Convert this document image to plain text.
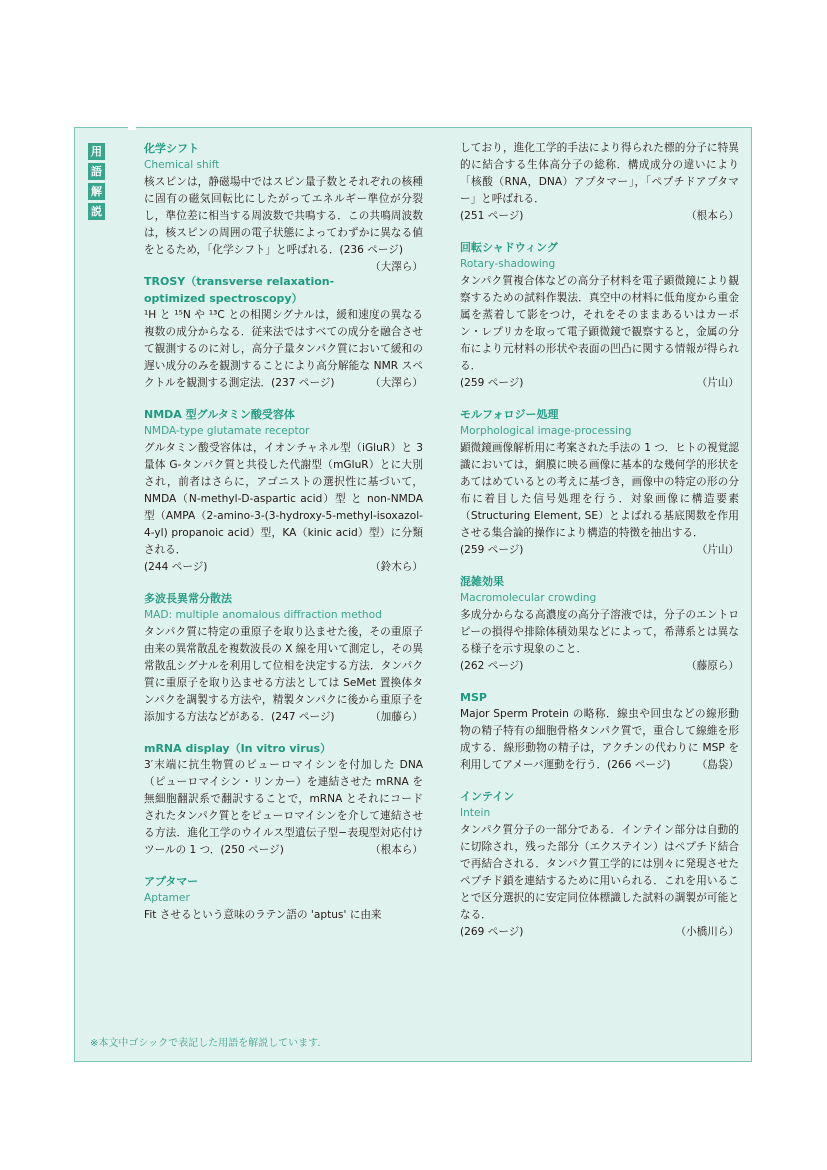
用
語
解
説
化学シフト
Chemical shift
核スピンは，静磁場中ではスピン量子数とそれぞれの核種に固有の磁気回転比にしたがってエネルギー準位が分裂し，準位差に相当する周波数で共鳴する．この共鳴周波数は，核スピンの周囲の電子状態によってわずかに異なる値をとるため，「化学シフト」と呼ばれる．(236 ページ)
（大澤ら）
TROSY（transverse relaxation-optimized spectroscopy）
¹H と ¹⁵N や ¹³C との相関シグナルは，緩和速度の異なる複数の成分からなる．従来法ではすべての成分を融合させて観測するのに対し，高分子量タンパク質において緩和の遅い成分のみを観測することにより高分解能な NMR スペクトルを観測する測定法．(237 ページ)	（大澤ら）
NMDA 型グルタミン酸受容体
NMDA-type glutamate receptor
グルタミン酸受容体は，イオンチャネル型（iGluR）と 3 量体 G-タンパク質と共役した代謝型（mGluR）とに大別され，前者はさらに，アゴニストの選択性に基づいて，NMDA（N-methyl-D-aspartic acid）型 と non-NMDA 型（AMPA（2-amino-3-(3-hydroxy-5-methyl-isoxazol-4-yl) propanoic acid）型，KA（kinic acid）型）に分類される．
(244 ページ)	（鈴木ら）
多波長異常分散法
MAD: multiple anomalous diffraction method
タンパク質に特定の重原子を取り込ませた後，その重原子由来の異常散乱を複数波長の X 線を用いて測定し，その異常散乱シグナルを利用して位相を決定する方法．タンパク質に重原子を取り込ませる方法としては SeMet 置換体タンパクを調製する方法や，精製タンパクに後から重原子を添加する方法などがある．(247 ページ)	（加藤ら）
mRNA display（In vitro virus）
3′末端に抗生物質のピューロマイシンを付加した DNA（ピューロマイシン・リンカー）を連結させた mRNA を無細胞翻訳系で翻訳することで，mRNA とそれにコードされたタンパク質とをピューロマイシンを介して連結させる方法．進化工学のウイルス型遺伝子型−表現型対応付けツールの 1 つ．(250 ページ)	（根本ら）
アプタマー
Aptamer
Fit させるという意味のラテン語の 'aptus' に由来
しており，進化工学的手法により得られた標的分子に特異的に結合する生体高分子の総称．構成成分の違いにより「核酸（RNA，DNA）アプタマー」，「ペプチドアプタマー」と呼ばれる．
(251 ページ)	（根本ら）
回転シャドウィング
Rotary-shadowing
タンパク質複合体などの高分子材料を電子顕微鏡により観察するための試料作製法．真空中の材料に低角度から重金属を蒸着して影をつけ，それをそのままあるいはカーボン・レプリカを取って電子顕微鏡で観察すると，金属の分布により元材料の形状や表面の凹凸に関する情報が得られる．
(259 ページ)	（片山）
モルフォロジー処理
Morphological image-processing
顕微鏡画像解析用に考案された手法の 1 つ．ヒトの視覚認識においては，網膜に映る画像に基本的な幾何学的形状をあてはめているとの考えに基づき，画像中の特定の形の分布に着目した信号処理を行う．対象画像に構造要素（Structuring Element, SE）とよばれる基底関数を作用させる集合論的操作により構造的特徴を抽出する．
(259 ページ)	（片山）
混雑効果
Macromolecular crowding
多成分からなる高濃度の高分子溶液では，分子のエントロピーの損得や排除体積効果などによって，希薄系とは異なる様子を示す現象のこと．
(262 ページ)	（藤原ら）
MSP
Major Sperm Protein の略称．線虫や回虫などの線形動物の精子特有の細胞骨格タンパク質で，重合して線維を形成する．線形動物の精子は，アクチンの代わりに MSP を利用してアメーバ運動を行う．(266 ページ) （島袋）
インテイン
Intein
タンパク質分子の一部分である．インテイン部分は自動的に切除され，残った部分（エクステイン）はペプチド結合で再結合される．タンパク質工学的には別々に発現させたペプチド鎖を連結するために用いられる．これを用いることで区分選択的に安定同位体標識した試料の調製が可能となる．
(269 ページ)	（小橋川ら）
※本文中ゴシックで表記した用語を解説しています．
